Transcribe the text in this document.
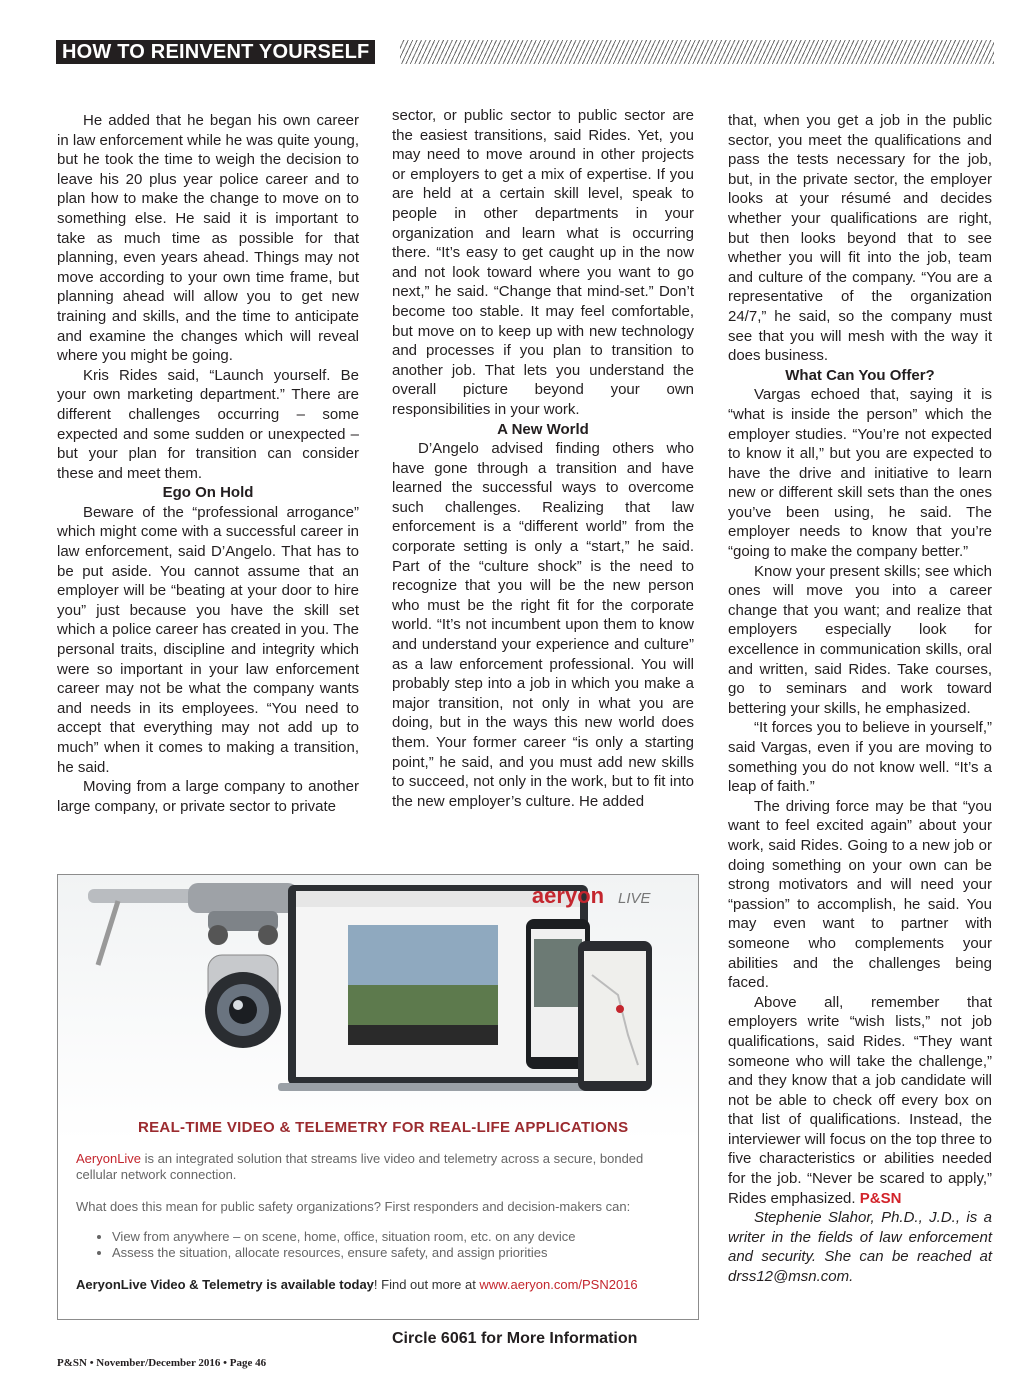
HOW TO REINVENT YOURSELF

He added that he began his own career in law enforcement while he was quite young, but he took the time to weigh the decision to leave his 20 plus year police career and to plan how to make the change to move on to something else. He said it is important to take as much time as possible for that planning, even years ahead. Things may not move according to your own time frame, but planning ahead will allow you to get new training and skills, and the time to anticipate and examine the changes which will reveal where you might be going.

Kris Rides said, “Launch yourself. Be your own marketing department.” There are different challenges occurring – some expected and some sudden or unexpected – but your plan for transition can consider these and meet them.

Ego On Hold

Beware of the “professional arrogance” which might come with a successful career in law enforcement, said D’Angelo. That has to be put aside. You cannot assume that an employer will be “beating at your door to hire you” just because you have the skill set which a police career has created in you. The personal traits, discipline and integrity which were so important in your law enforcement career may not be what the company wants and needs in its employees. “You need to accept that everything may not add up to much” when it comes to making a transition, he said.

Moving from a large company to another large company, or private sector to private

sector, or public sector to public sector are the easiest transitions, said Rides. Yet, you may need to move around in other projects or employers to get a mix of expertise. If you are held at a certain skill level, speak to people in other departments in your organization and learn what is occurring there. “It’s easy to get caught up in the now and not look toward where you want to go next,” he said. “Change that mind-set.” Don’t become too stable. It may feel comfortable, but move on to keep up with new technology and processes if you plan to transition to another job. That lets you understand the overall picture beyond your own responsibilities in your work.

A New World

D’Angelo advised finding others who have gone through a transition and have learned the successful ways to overcome such challenges. Realizing that law enforcement is a “different world” from the corporate setting is only a “start,” he said. Part of the “culture shock” is the need to recognize that you will be the new person who must be the right fit for the corporate world. “It’s not incumbent upon them to know and understand your experience and culture” as a law enforcement professional. You will probably step into a job in which you make a major transition, not only in what you are doing, but in the ways this new world does them. Your former career “is only a starting point,” he said, and you must add new skills to succeed, not only in the work, but to fit into the new employer’s culture. He added

that, when you get a job in the public sector, you meet the qualifications and pass the tests necessary for the job, but, in the private sector, the employer looks at your résumé and decides whether your qualifications are right, but then looks beyond that to see whether you will fit into the job, team and culture of the company. “You are a representative of the organization 24/7,” he said, so the company must see that you will mesh with the way it does business.

What Can You Offer?

Vargas echoed that, saying it is “what is inside the person” which the employer studies. “You’re not expected to know it all,” but you are expected to have the drive and initiative to learn new or different skill sets than the ones you’ve been using, he said. The employer needs to know that you’re “going to make the company better.”

Know your present skills; see which ones will move you into a career change that you want; and realize that employers especially look for excellence in communication skills, oral and written, said Rides. Take courses, go to seminars and work toward bettering your skills, he emphasized.

“It forces you to believe in yourself,” said Vargas, even if you are moving to something you do not know well. “It’s a leap of faith.”

The driving force may be that “you want to feel excited again” about your work, said Rides. Going to a new job or doing something on your own can be strong motivators and will need your “passion” to accomplish, he said. You may even want to partner with someone who complements your abilities and the challenges being faced.

Above all, remember that employers write “wish lists,” not job qualifications, said Rides. “They want someone who will take the challenge,” and they know that a job candidate will not be able to check off every box on that list of qualifications. Instead, the interviewer will focus on the top three to five characteristics or abilities needed for the job. “Never be scared to apply,” Rides emphasized. P&SN

Stephenie Slahor, Ph.D., J.D., is a writer in the fields of law enforcement and security. She can be reached at drss12@msn.com.

aeryon LIVE
REAL-TIME VIDEO & TELEMETRY FOR REAL-LIFE APPLICATIONS
AeryonLive is an integrated solution that streams live video and telemetry across a secure, bonded cellular network connection.
What does this mean for public safety organizations? First responders and decision-makers can:
• View from anywhere – on scene, home, office, situation room, etc. on any device
• Assess the situation, allocate resources, ensure safety, and assign priorities
AeryonLive Video & Telemetry is available today! Find out more at www.aeryon.com/PSN2016
Circle 6061 for More Information
P&SN • November/December 2016 • Page 46
